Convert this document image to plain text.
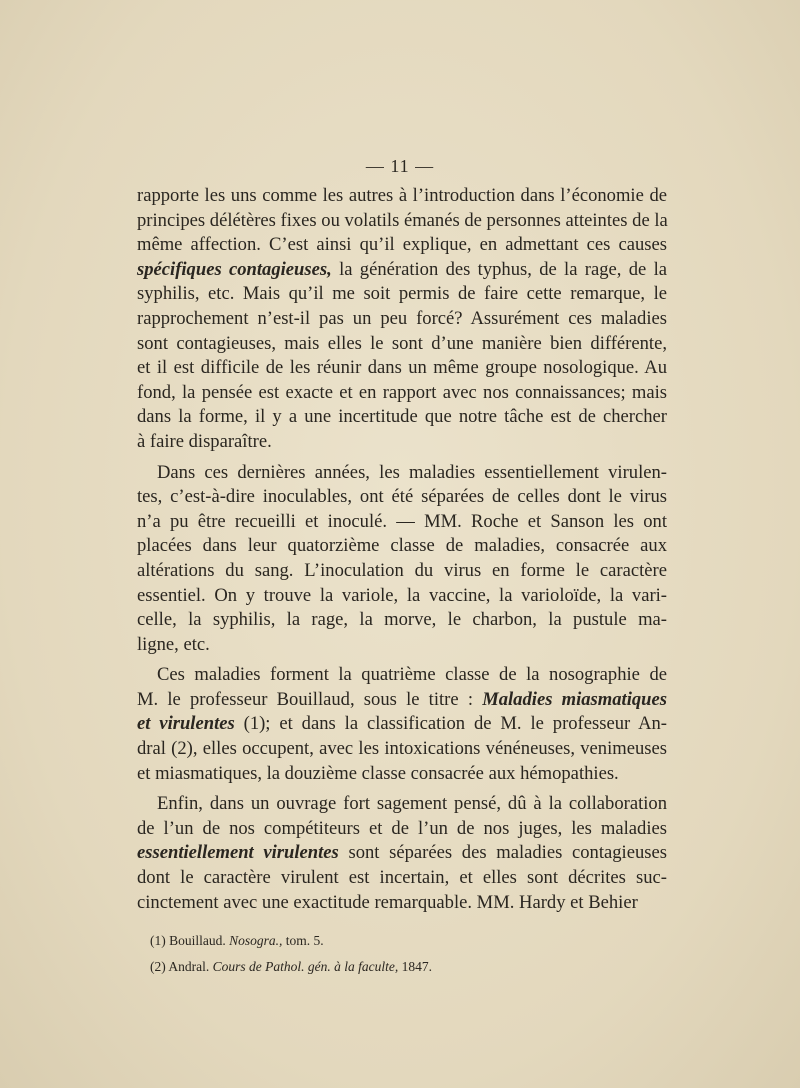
— 11 —
rapporte les uns comme les autres à l’introduction dans l’économie de
principes délétères fixes ou volatils émanés de personnes atteintes de la
même affection. C’est ainsi qu’il explique, en admettant ces causes
spécifiques contagieuses, la génération des typhus, de la rage, de la
syphilis, etc. Mais qu’il me soit permis de faire cette remarque, le
rapprochement n’est-il pas un peu forcé? Assurément ces maladies
sont contagieuses, mais elles le sont d’une manière bien différente,
et il est difficile de les réunir dans un même groupe nosologique. Au
fond, la pensée est exacte et en rapport avec nos connaissances; mais
dans la forme, il y a une incertitude que notre tâche est de chercher
à faire disparaître.
Dans ces dernières années, les maladies essentiellement virulen-
tes, c’est-à-dire inoculables, ont été séparées de celles dont le virus
n’a pu être recueilli et inoculé. — MM. Roche et Sanson les ont
placées dans leur quatorzième classe de maladies, consacrée aux
altérations du sang. L’inoculation du virus en forme le caractère
essentiel. On y trouve la variole, la vaccine, la varioloïde, la vari-
celle, la syphilis, la rage, la morve, le charbon, la pustule ma-
ligne, etc.
Ces maladies forment la quatrième classe de la nosographie de
M. le professeur Bouillaud, sous le titre : Maladies miasmatiques
et virulentes (1); et dans la classification de M. le professeur An-
dral (2), elles occupent, avec les intoxications vénéneuses, venimeuses
et miasmatiques, la douzième classe consacrée aux hémopathies.
Enfin, dans un ouvrage fort sagement pensé, dû à la collaboration
de l’un de nos compétiteurs et de l’un de nos juges, les maladies
essentiellement virulentes sont séparées des maladies contagieuses
dont le caractère virulent est incertain, et elles sont décrites suc-
cinctement avec une exactitude remarquable. MM. Hardy et Behier
(1) Bouillaud. Nosogra., tom. 5.
(2) Andral. Cours de Pathol. gén. à la faculte, 1847.
